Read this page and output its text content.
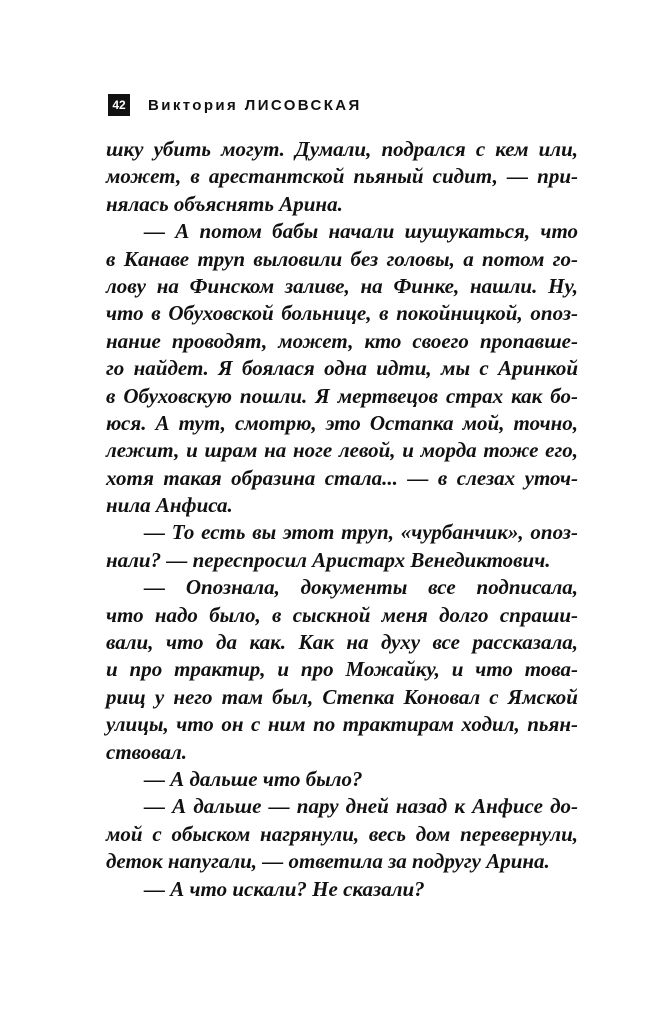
42 Виктория ЛИСОВСКАЯ
шку убить могут. Думали, подрался с кем или,
может, в арестантской пьяный сидит, — при-
нялась объяснять Арина.
— А потом бабы начали шушукаться, что
в Канаве труп выловили без головы, а потом го-
лову на Финском заливе, на Финке, нашли. Ну,
что в Обуховской больнице, в покойницкой, опоз-
нание проводят, может, кто своего пропавше-
го найдет. Я боялася одна идти, мы с Аринкой
в Обуховскую пошли. Я мертвецов страх как бо-
юся. А тут, смотрю, это Остапка мой, точно,
лежит, и шрам на ноге левой, и морда тоже его,
хотя такая образина стала... — в слезах уточ-
нила Анфиса.
— То есть вы этот труп, «чурбанчик», опоз-
нали? — переспросил Аристарх Венедиктович.
— Опознала, документы все подписала,
что надо было, в сыскной меня долго спраши-
вали, что да как. Как на духу все рассказала,
и про трактир, и про Можайку, и что това-
рищ у него там был, Степка Коновал с Ямской
улицы, что он с ним по трактирам ходил, пьян-
ствовал.
— А дальше что было?
— А дальше — пару дней назад к Анфисе до-
мой с обыском нагрянули, весь дом перевернули,
деток напугали, — ответила за подругу Арина.
— А что искали? Не сказали?
